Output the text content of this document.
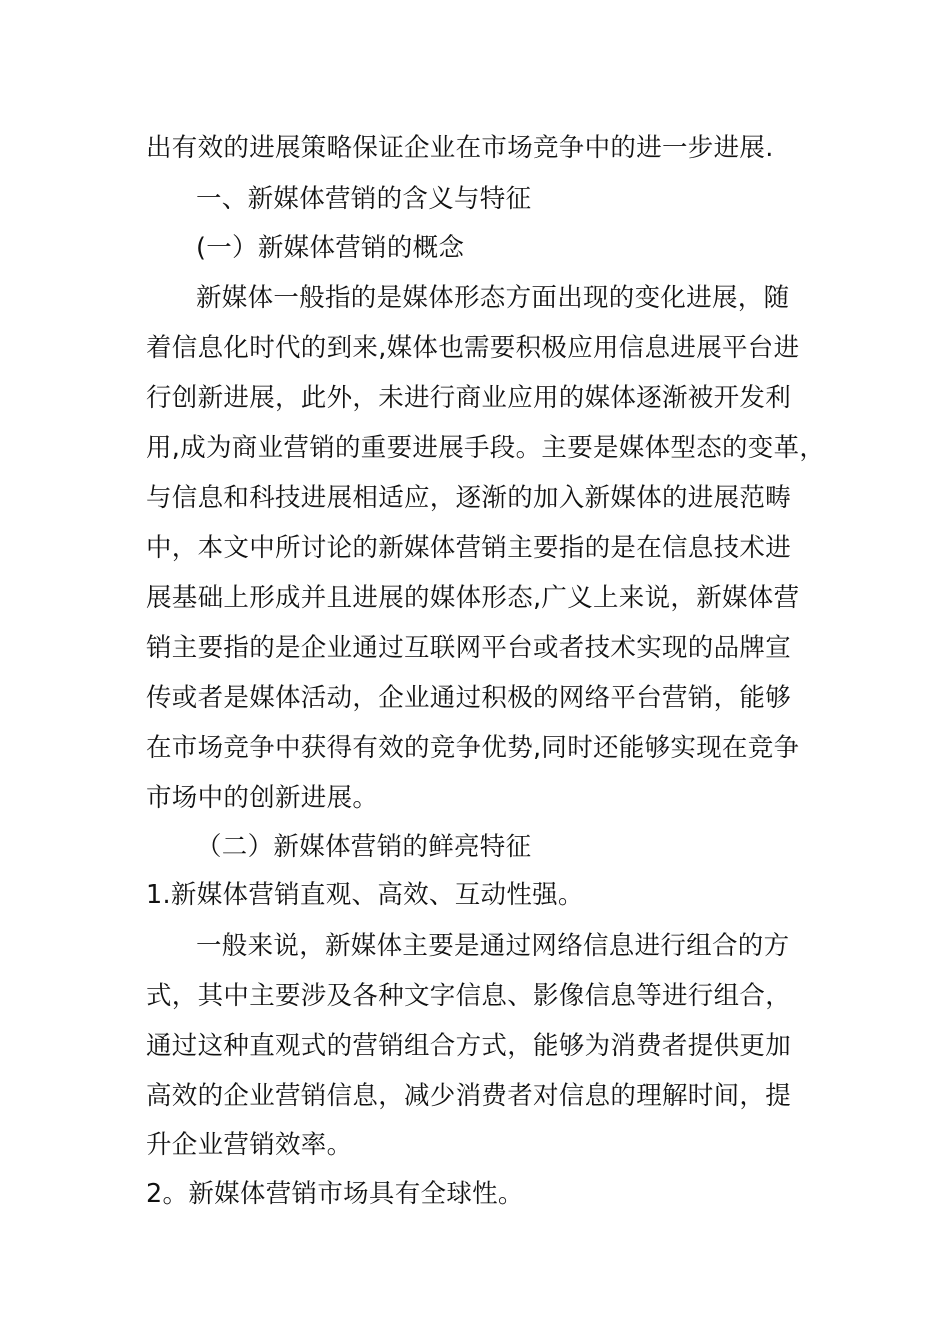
出有效的进展策略保证企业在市场竞争中的进一步进展.
一、新媒体营销的含义与特征
(一）新媒体营销的概念
新媒体一般指的是媒体形态方面出现的变化进展，随
着信息化时代的到来,媒体也需要积极应用信息进展平台进
行创新进展，此外，未进行商业应用的媒体逐渐被开发利
用,成为商业营销的重要进展手段。主要是媒体型态的变革，
与信息和科技进展相适应，逐渐的加入新媒体的进展范畴
中，本文中所讨论的新媒体营销主要指的是在信息技术进
展基础上形成并且进展的媒体形态,广义上来说，新媒体营
销主要指的是企业通过互联网平台或者技术实现的品牌宣
传或者是媒体活动，企业通过积极的网络平台营销，能够
在市场竞争中获得有效的竞争优势,同时还能够实现在竞争
市场中的创新进展。
（二）新媒体营销的鲜亮特征
1.新媒体营销直观、高效、互动性强。
一般来说，新媒体主要是通过网络信息进行组合的方
式，其中主要涉及各种文字信息、影像信息等进行组合，
通过这种直观式的营销组合方式，能够为消费者提供更加
高效的企业营销信息，减少消费者对信息的理解时间，提
升企业营销效率。
2。新媒体营销市场具有全球性。
